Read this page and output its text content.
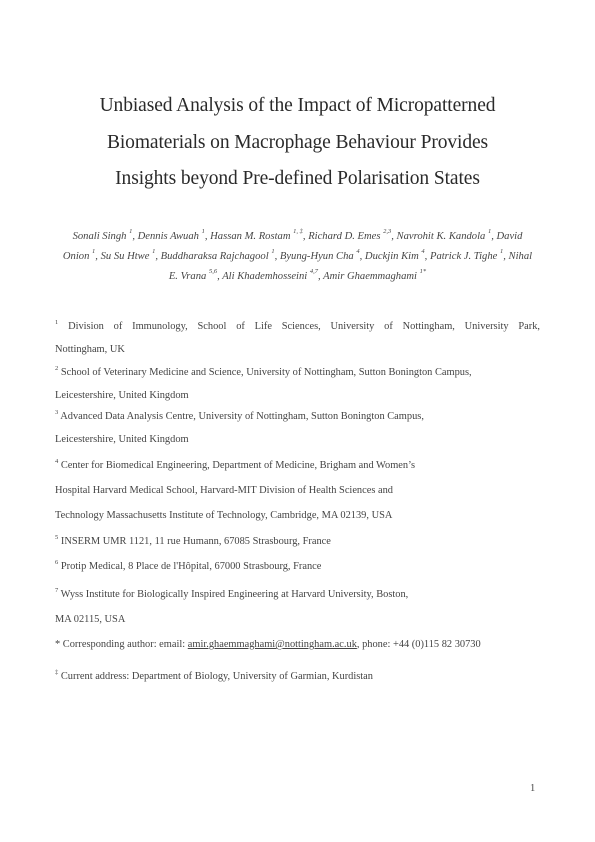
Unbiased Analysis of the Impact of Micropatterned
Biomaterials on Macrophage Behaviour Provides
Insights beyond Pre-defined Polarisation States
Sonali Singh $^1$, Dennis Awuah $^1$, Hassan M. Rostam $^{1, \ddagger}$, Richard D. Emes $^{2,3}$, Navrohit K. Kandola $^1$, David Onion $^1$, Su Su Htwe $^1$, Buddharaksa Rajchagool $^1$, Byung-Hyun Cha $^4$, Duckjin Kim $^4$, Patrick J. Tighe $^1$, Nihal E. Vrana $^{5,6}$, Ali Khademhosseini $^{4,7}$, Amir Ghaemmaghami $^{1*}$
$^1$ Division of Immunology, School of Life Sciences, University of Nottingham, University Park,
Nottingham, UK
$^2$ School of Veterinary Medicine and Science, University of Nottingham, Sutton Bonington Campus,
Leicestershire, United Kingdom
$^3$ Advanced Data Analysis Centre, University of Nottingham, Sutton Bonington Campus,
Leicestershire, United Kingdom
$^4$ Center for Biomedical Engineering, Department of Medicine, Brigham and Women’s
Hospital Harvard Medical School, Harvard-MIT Division of Health Sciences and
Technology Massachusetts Institute of Technology, Cambridge, MA 02139, USA
$^5$ INSERM UMR 1121, 11 rue Humann, 67085 Strasbourg, France
$^6$ Protip Medical, 8 Place de l'Hôpital, 67000 Strasbourg, France
$^7$ Wyss Institute for Biologically Inspired Engineering at Harvard University, Boston,
MA 02115, USA
* Corresponding author: email: amir.ghaemmaghami@nottingham.ac.uk, phone: +44 (0)115 82 30730
‡ Current address: Department of Biology, University of Garmian, Kurdistan
1
